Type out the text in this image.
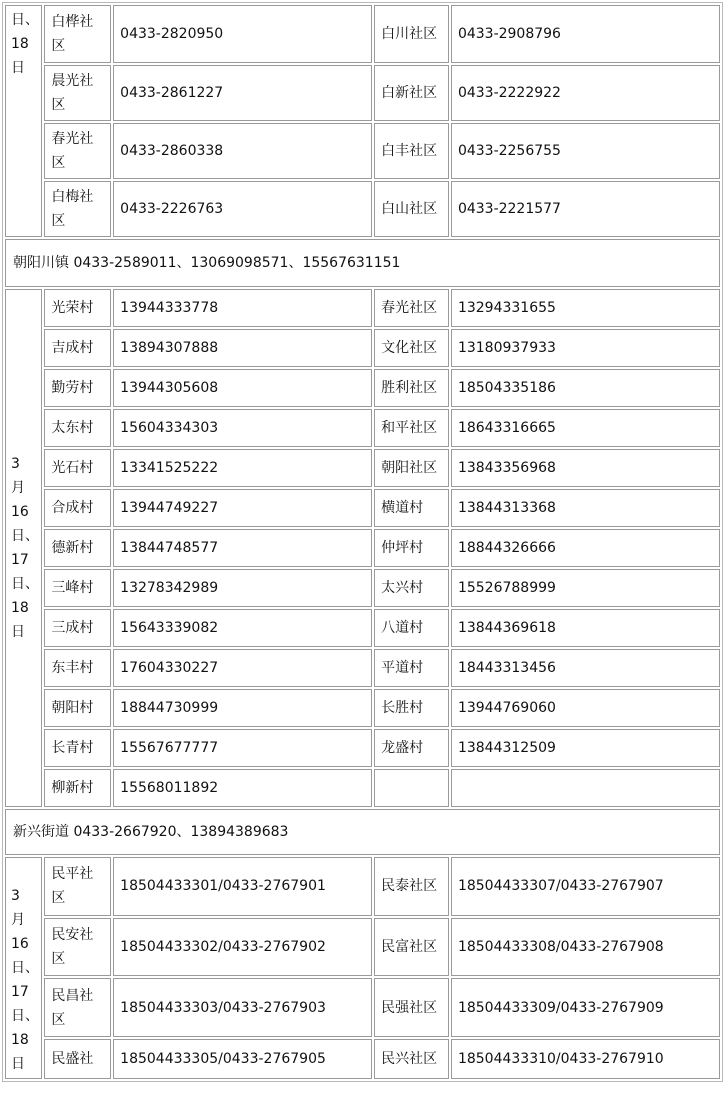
日、18日	白桦社区	0433-2820950	白川社区	0433-2908796
	晨光社区	0433-2861227	白新社区	0433-2222922
	春光社区	0433-2860338	白丰社区	0433-2256755
	白梅社区	0433-2226763	白山社区	0433-2221577
朝阳川镇 0433-2589011、13069098571、15567631151				

3月16日、17日、18日	光荣村	13944333778	春光社区	13294331655
	吉成村	13894307888	文化社区	13180937933
	勤劳村	13944305608	胜利社区	18504335186
	太东村	15604334303	和平社区	18643316665
	光石村	13341525222	朝阳社区	13843356968
	合成村	13944749227	横道村	13844313368
	德新村	13844748577	仲坪村	18844326666
	三峰村	13278342989	太兴村	15526788999
	三成村	15643339082	八道村	13844369618
	东丰村	17604330227	平道村	18443313456
	朝阳村	18844730999	长胜村	13944769060
	长青村	15567677777	龙盛村	13844312509
	柳新村	15568011892		
新兴街道 0433-2667920、13894389683				

3月16日、17日、18日	民平社区	18504433301/0433-2767901	民泰社区	18504433307/0433-2767907
	民安社区	18504433302/0433-2767902	民富社区	18504433308/0433-2767908
	民昌社区	18504433303/0433-2767903	民强社区	18504433309/0433-2767909
	民盛社	18504433305/0433-2767905	民兴社区	18504433310/0433-2767910
